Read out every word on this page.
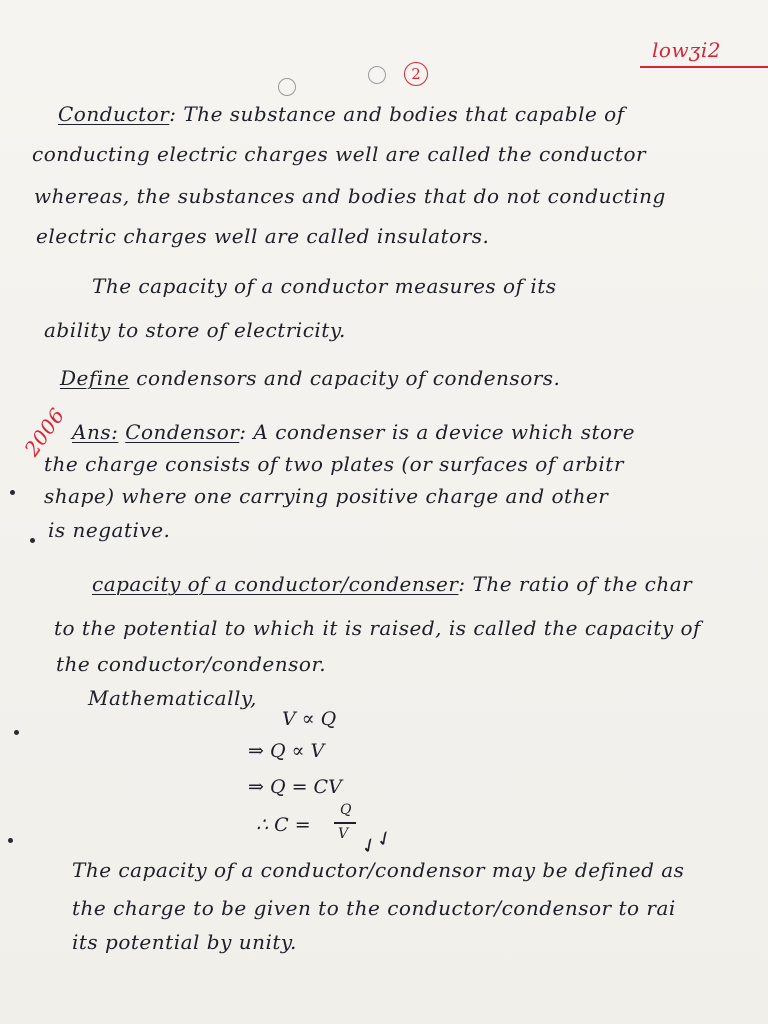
2
lowʒi2
Conductor: The substance and bodies that capable of
conducting electric charges well are called the conductor
whereas, the substances and bodies that do not conducting
electric charges well are called insulators.
The capacity of a conductor measures of its
ability to store of electricity.
Define condensors and capacity of condensors.
2006 Ans: Condensor: A condenser is a device which store
the charge consists of two plates (or surfaces of arbitr
shape) where one carrying positive charge and other
is negative.
capacity of a conductor/condenser: The ratio of the char
to the potential to which it is raised, is called the capacity of
the conductor/condensor.
Mathematically,
V ∝ Q
⇒ Q ∝ V
⇒ Q = CV
∴ C =
Q
V ✓✓
The capacity of a conductor/condensor may be defined as
the charge to be given to the conductor/condensor to rai
its potential by unity.
